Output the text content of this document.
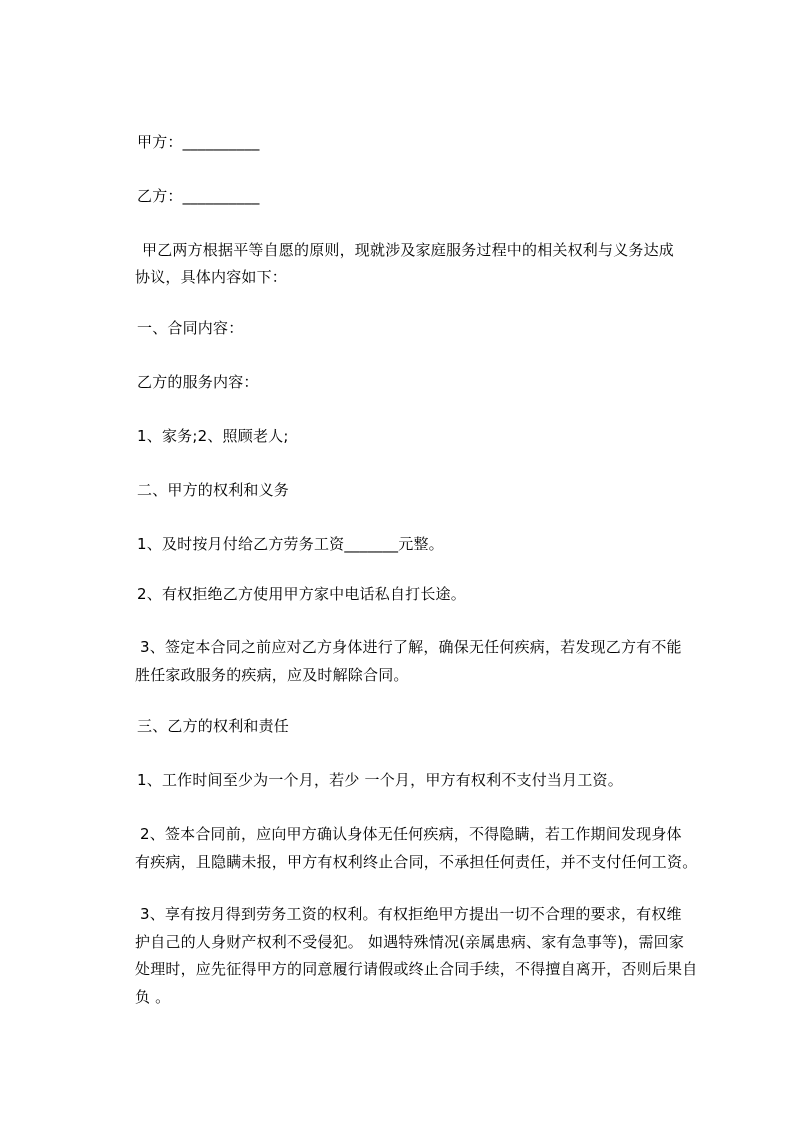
甲方：__________
乙方：__________
甲乙两方根据平等自愿的原则，现就涉及家庭服务过程中的相关权利与义务达成
协议，具体内容如下：
一、合同内容：
乙方的服务内容：
1、家务;2、照顾老人;
二、甲方的权利和义务
1、及时按月付给乙方劳务工资_______元整。
2、有权拒绝乙方使用甲方家中电话私自打长途。
3、签定本合同之前应对乙方身体进行了解，确保无任何疾病，若发现乙方有不能
胜任家政服务的疾病，应及时解除合同。
三、乙方的权利和责任
1、工作时间至少为一个月，若少 一个月，甲方有权利不支付当月工资。
2、签本合同前，应向甲方确认身体无任何疾病，不得隐瞒，若工作期间发现身体
有疾病，且隐瞒未报，甲方有权利终止合同，不承担任何责任，并不支付任何工资。
3、享有按月得到劳务工资的权利。有权拒绝甲方提出一切不合理的要求，有权维
护自己的人身财产权利不受侵犯。 如遇特殊情况(亲属患病、家有急事等)，需回家
处理时，应先征得甲方的同意履行请假或终止合同手续，不得擅自离开，否则后果自
负 。
